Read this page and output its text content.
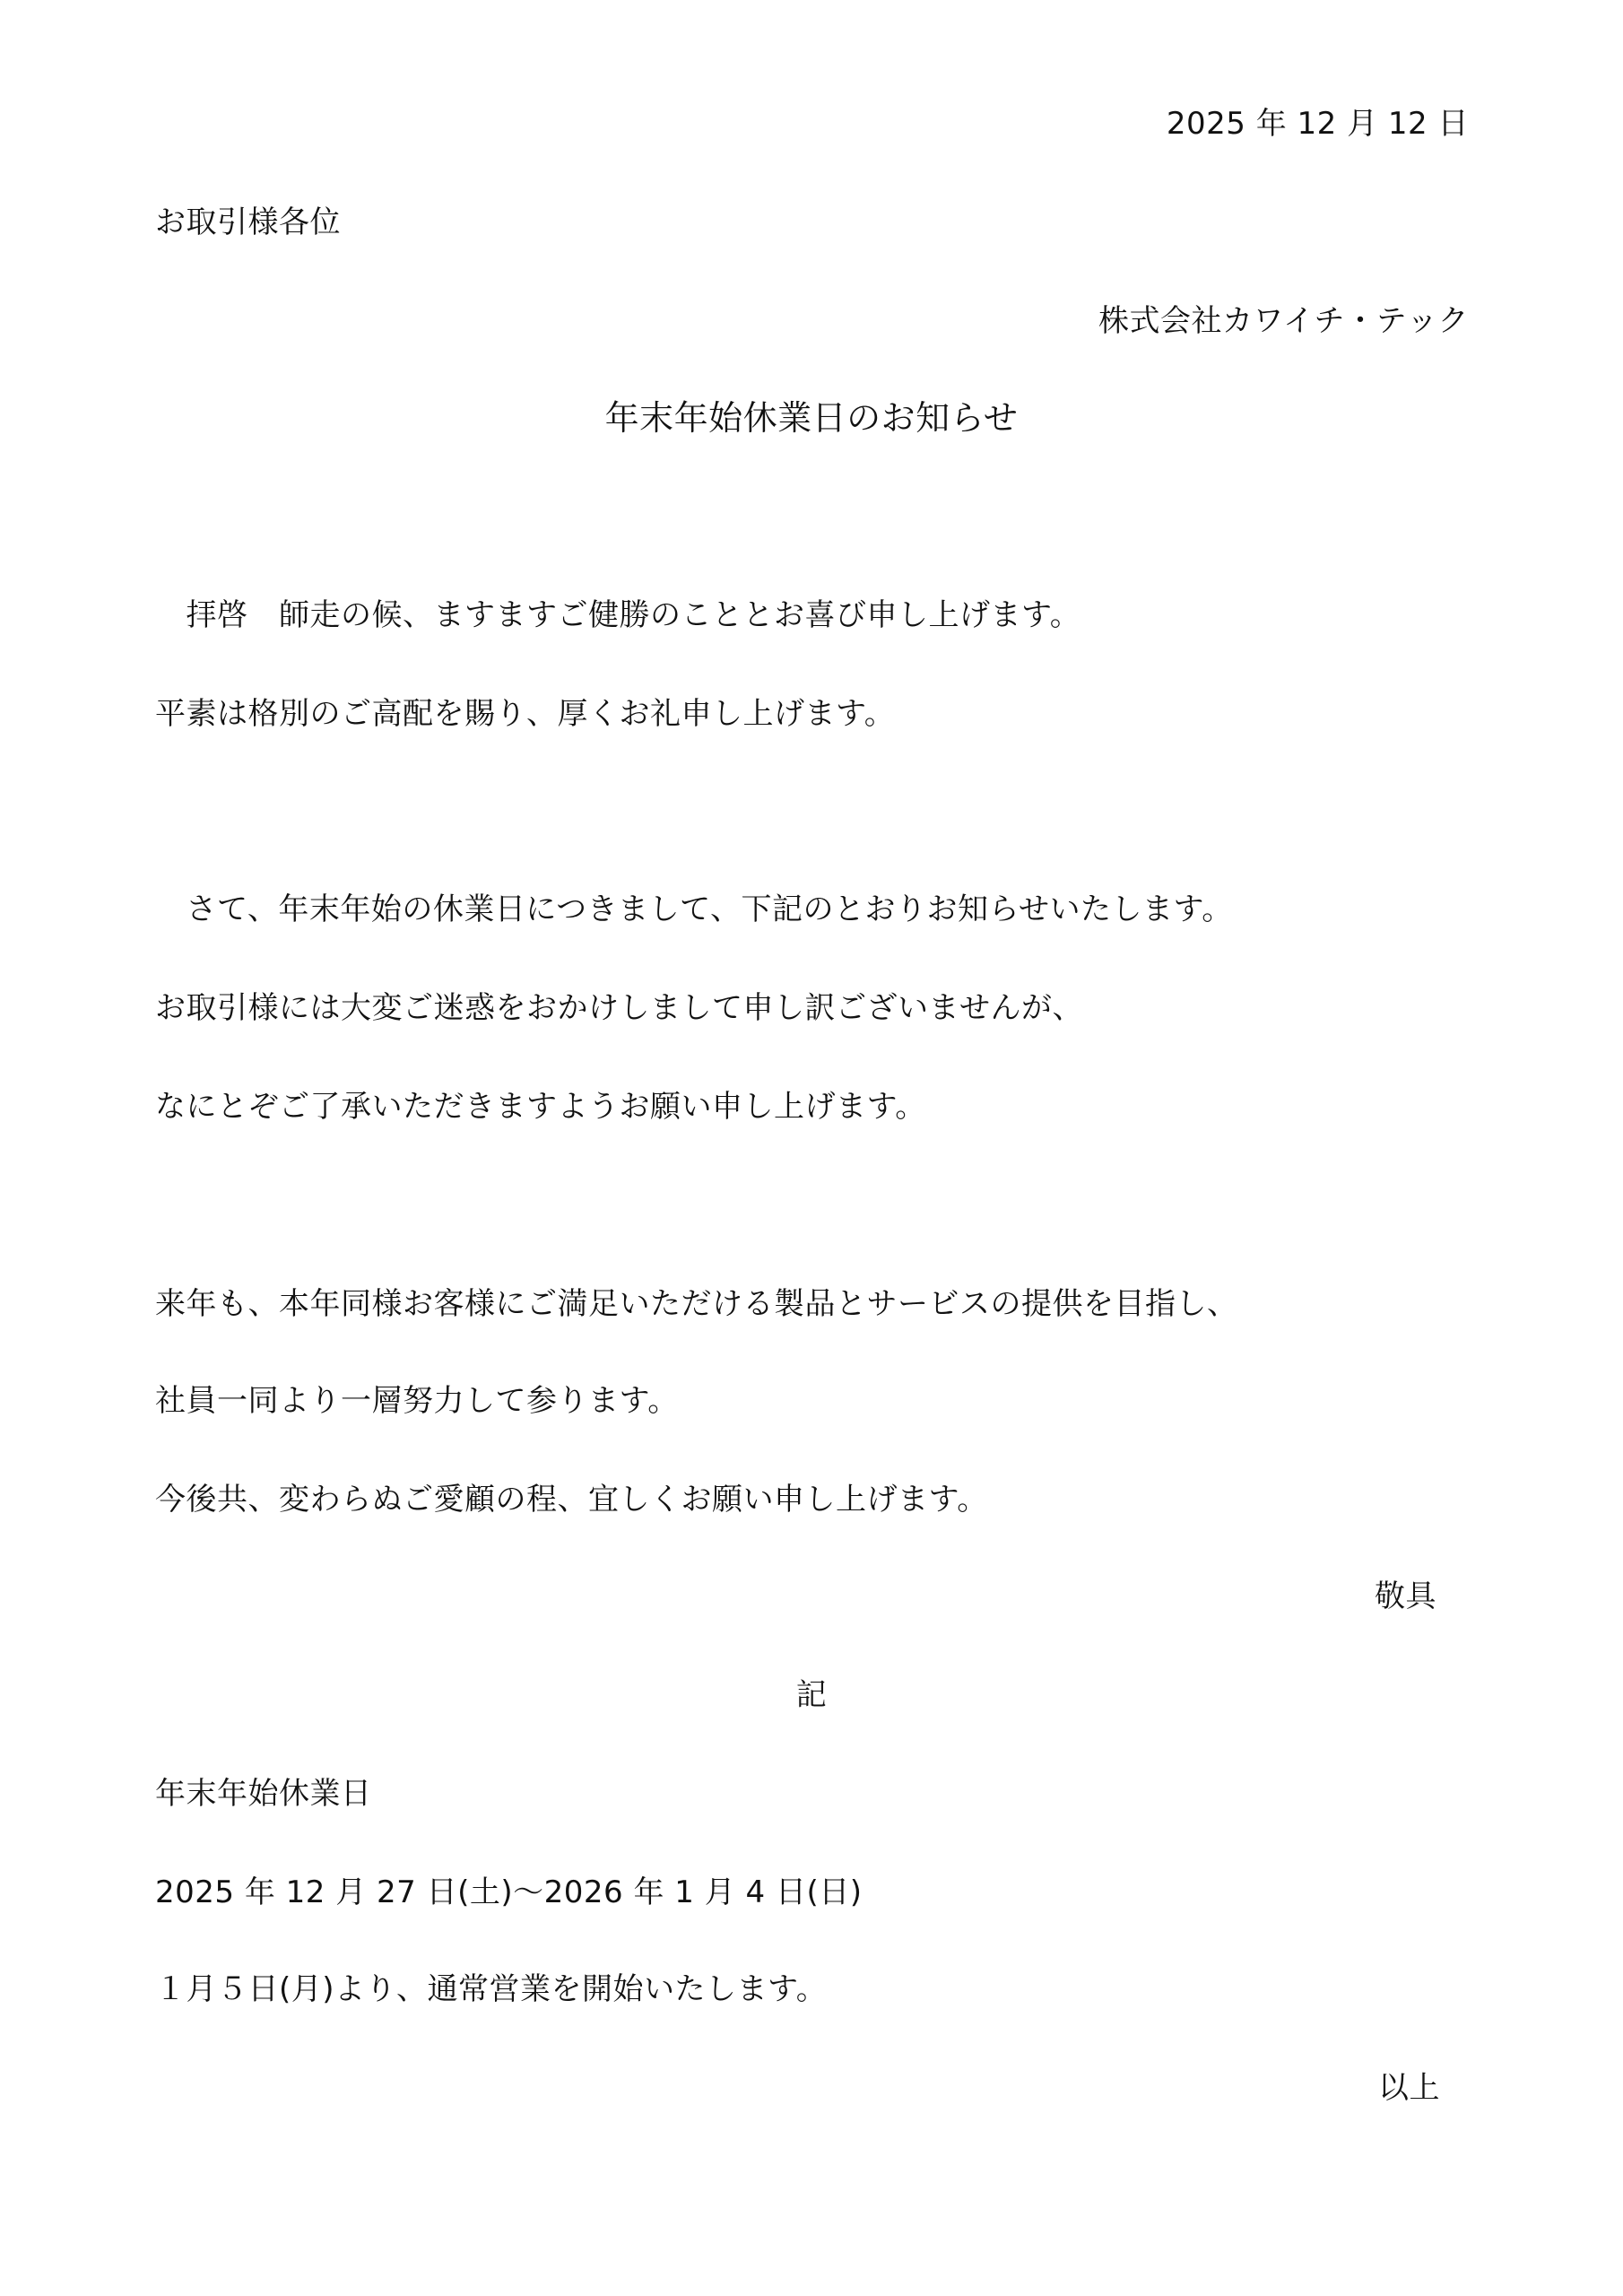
2025 年 12 月 12 日
お取引様各位
株式会社カワイチ・テック
年末年始休業日のお知らせ
　拝啓　師走の候、ますますご健勝のこととお喜び申し上げます。
平素は格別のご高配を賜り、厚くお礼申し上げます。
　さて、年末年始の休業日につきまして、下記のとおりお知らせいたします。
お取引様には大変ご迷惑をおかけしまして申し訳ございませんが、
なにとぞご了承いただきますようお願い申し上げます。
来年も、本年同様お客様にご満足いただける製品とサービスの提供を目指し、
社員一同より一層努力して参ります。
今後共、変わらぬご愛顧の程、宜しくお願い申し上げます。
敬具
記
年末年始休業日
2025 年 12 月 27 日(土)～2026 年 1 月 4 日(日)
１月５日(月)より、通常営業を開始いたします。
以上
